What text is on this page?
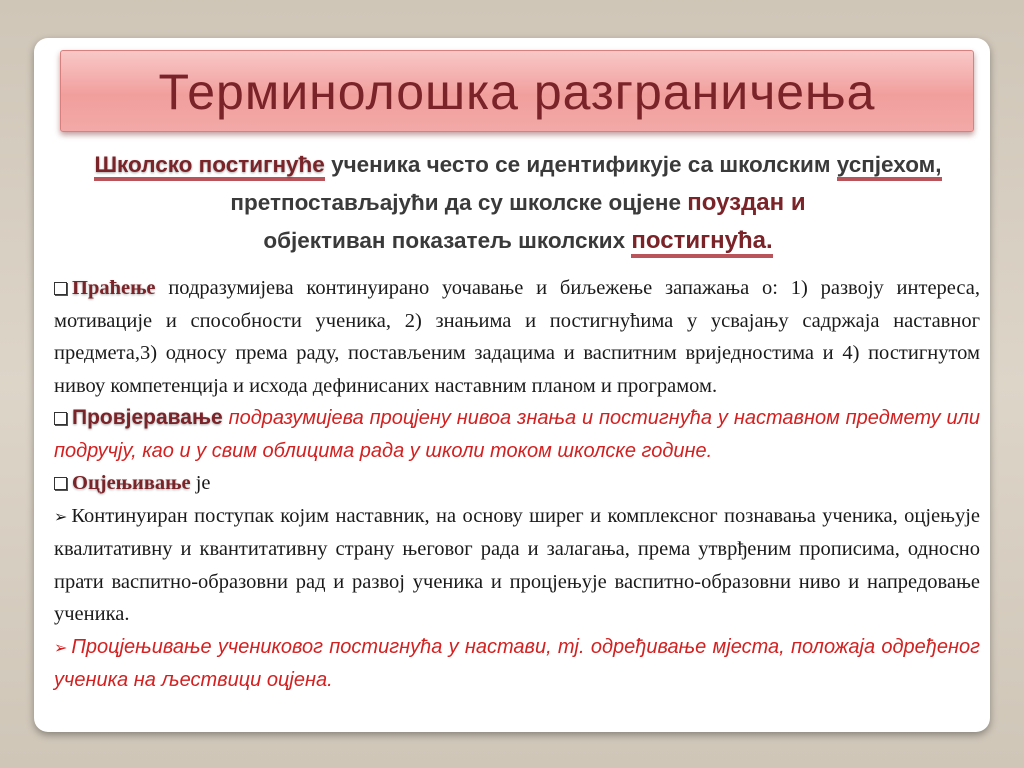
Терминолошка разграничења
Школско постигнуће ученика често се идентификује са школским успјехом, претпостављајући да су школске оцјене поуздан и
објективан показатељ школских постигнућа.

Праћење подразумијева континуирано уочавање и биљежење запажања о: 1) развоју интереса, мотивације и способности ученика, 2) знањима и постигнућима у усвајању садржаја наставног предмета,3) односу према раду, постављеним задацима и васпитним вриједностима и 4) постигнутом нивоу компетенција и исхода дефинисаних наставним планом и програмом.

Провјеравање подразумијева процјену нивоа знања и постигнућа у наставном предмету или подручју, као и у свим облицима рада у школи током школске године.

Оцјењивање је

➢ Континуиран поступак којим наставник, на основу ширег и комплексног познавања ученика, оцјењује квалитативну и квантитативну страну његовог рада и залагања, према утврђеним прописима, односно прати васпитно-образовни рад и развој ученика и процјењује васпитно-образовни ниво и напредовање ученика.

➢ Процјењивање учениковог постигнућа у настави, тј. одређивање мјеста, положаја одређеног ученика на љествици оцјена.
